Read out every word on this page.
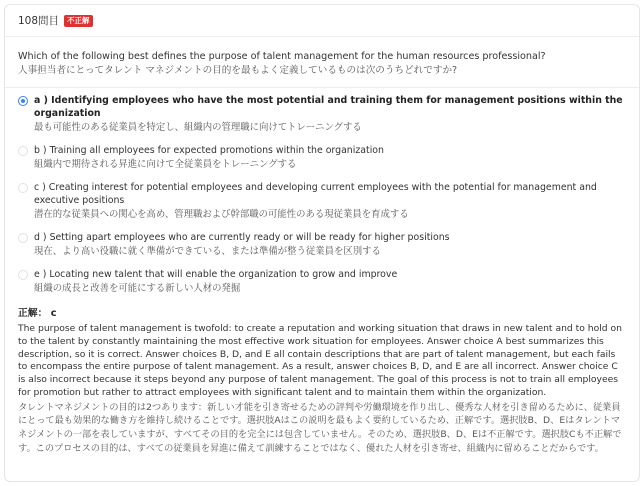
108問目	不正解
Which of the following best defines the purpose of talent management for the human resources professional?
人事担当者にとってタレント マネジメントの目的を最もよく定義しているものは次のうちどれですか?
a ) Identifying employees who have the most potential and training them for management positions within the organization
最も可能性のある従業員を特定し、組織内の管理職に向けてトレーニングする
b ) Training all employees for expected promotions within the organization
組織内で期待される昇進に向けて全従業員をトレーニングする
c ) Creating interest for potential employees and developing current employees with the potential for management and executive positions
潜在的な従業員への関心を高め、管理職および幹部職の可能性のある現従業員を育成する
d ) Setting apart employees who are currently ready or will be ready for higher positions
現在、より高い役職に就く準備ができている、または準備が整う従業員を区別する
e ) Locating new talent that will enable the organization to grow and improve
組織の成長と改善を可能にする新しい人材の発掘
正解： c
The purpose of talent management is twofold: to create a reputation and working situation that draws in new talent and to hold on to the talent by constantly maintaining the most effective work situation for employees. Answer choice A best summarizes this description, so it is correct. Answer choices B, D, and E all contain descriptions that are part of talent management, but each fails to encompass the entire purpose of talent management. As a result, answer choices B, D, and E are all incorrect. Answer choice C is also incorrect because it steps beyond any purpose of talent management. The goal of this process is not to train all employees for promotion but rather to attract employees with significant talent and to maintain them within the organization.
タレントマネジメントの目的は2つあります：新しい才能を引き寄せるための評判や労働環境を作り出し、優秀な人材を引き留めるために、従業員にとって最も効果的な働き方を維持し続けることです。選択肢Aはこの説明を最もよく要約しているため、正解です。選択肢B、D、Eはタレントマネジメントの一部を表していますが、すべてその目的を完全には包含していません。そのため、選択肢B、D、Eは不正解です。選択肢Cも不正解です。このプロセスの目的は、すべての従業員を昇進に備えて訓練することではなく、優れた人材を引き寄せ、組織内に留めることだからです。
